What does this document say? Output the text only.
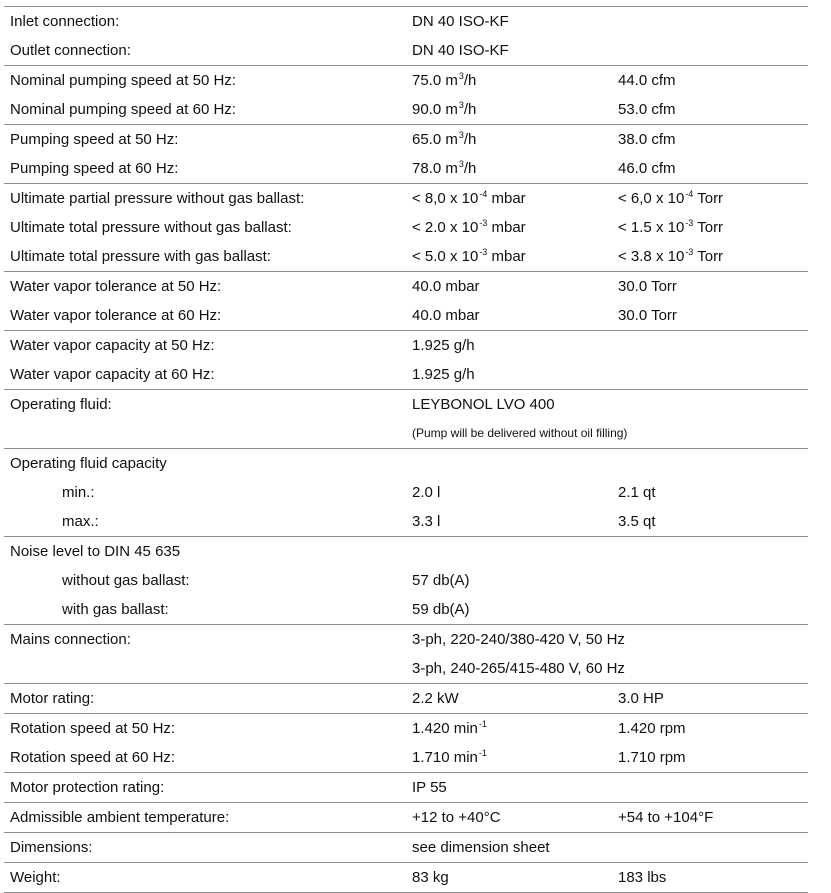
Inlet connection:	DN 40 ISO-KF
Outlet connection:	DN 40 ISO-KF
Nominal pumping speed at 50 Hz:	75.0 $m^3/h$	44.0 cfm
Nominal pumping speed at 60 Hz:	90.0 $m^3/h$	53.0 cfm
Pumping speed at 50 Hz:	65.0 $m^3/h$	38.0 cfm
Pumping speed at 60 Hz:	78.0 $m^3/h$	46.0 cfm
Ultimate partial pressure without gas ballast:	< 8,0 x $10^{-4}$ mbar	< 6,0 x $10^{-4}$ Torr
Ultimate total pressure without gas ballast:	< 2.0 x $10^{-3}$ mbar	< 1.5 x $10^{-3}$ Torr
Ultimate total pressure with gas ballast:	< 5.0 x $10^{-3}$ mbar	< 3.8 x $10^{-3}$ Torr
Water vapor tolerance at 50 Hz:	40.0 mbar	30.0 Torr
Water vapor tolerance at 60 Hz:	40.0 mbar	30.0 Torr
Water vapor capacity at 50 Hz:	1.925 g/h
Water vapor capacity at 60 Hz:	1.925 g/h
Operating fluid:	LEYBONOL LVO 400
(Pump will be delivered without oil filling)
Operating fluid capacity
min.:	2.0 l	2.1 qt
max.:	3.3 l	3.5 qt
Noise level to DIN 45 635
without gas ballast:	57 db(A)
with gas ballast:	59 db(A)
Mains connection:	3-ph, 220-240/380-420 V, 50 Hz
3-ph, 240-265/415-480 V, 60 Hz
Motor rating:	2.2 kW	3.0 HP
Rotation speed at 50 Hz:	1.420 $\min^{-1}$	1.420 rpm
Rotation speed at 60 Hz:	1.710 $\min^{-1}$	1.710 rpm
Motor protection rating:	IP 55
Admissible ambient temperature:	+12 to +40°C	+54 to +104°F
Dimensions:	see dimension sheet
Weight:	83 kg	183 lbs
